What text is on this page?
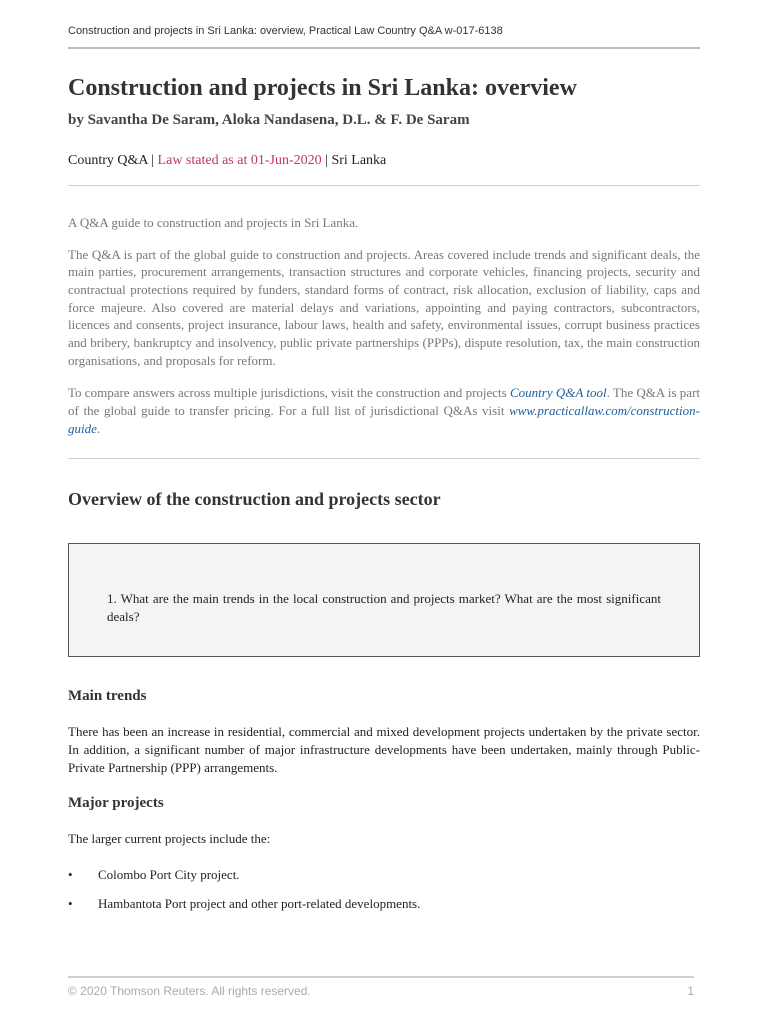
Construction and projects in Sri Lanka: overview, Practical Law Country Q&A w-017-6138
Construction and projects in Sri Lanka: overview
by Savantha De Saram, Aloka Nandasena, D.L. & F. De Saram
Country Q&A | Law stated as at 01-Jun-2020 | Sri Lanka

A Q&A guide to construction and projects in Sri Lanka.

The Q&A is part of the global guide to construction and projects. Areas covered include trends and significant deals, the main parties, procurement arrangements, transaction structures and corporate vehicles, financing projects, security and contractual protections required by funders, standard forms of contract, risk allocation, exclusion of liability, caps and force majeure. Also covered are material delays and variations, appointing and paying contractors, subcontractors, licences and consents, project insurance, labour laws, health and safety, environmental issues, corrupt business practices and bribery, bankruptcy and insolvency, public private partnerships (PPPs), dispute resolution, tax, the main construction organisations, and proposals for reform.

To compare answers across multiple jurisdictions, visit the construction and projects Country Q&A tool. The Q&A is part of the global guide to transfer pricing. For a full list of jurisdictional Q&As visit www.practicallaw.com/construction-guide.

Overview of the construction and projects sector
1. What are the main trends in the local construction and projects market? What are the most significant deals?
Main trends

There has been an increase in residential, commercial and mixed development projects undertaken by the private sector. In addition, a significant number of major infrastructure developments have been undertaken, mainly through Public-Private Partnership (PPP) arrangements.

Major projects

The larger current projects include the:

• Colombo Port City project.
• Hambantota Port project and other port-related developments.
© 2020 Thomson Reuters. All rights reserved.	1
